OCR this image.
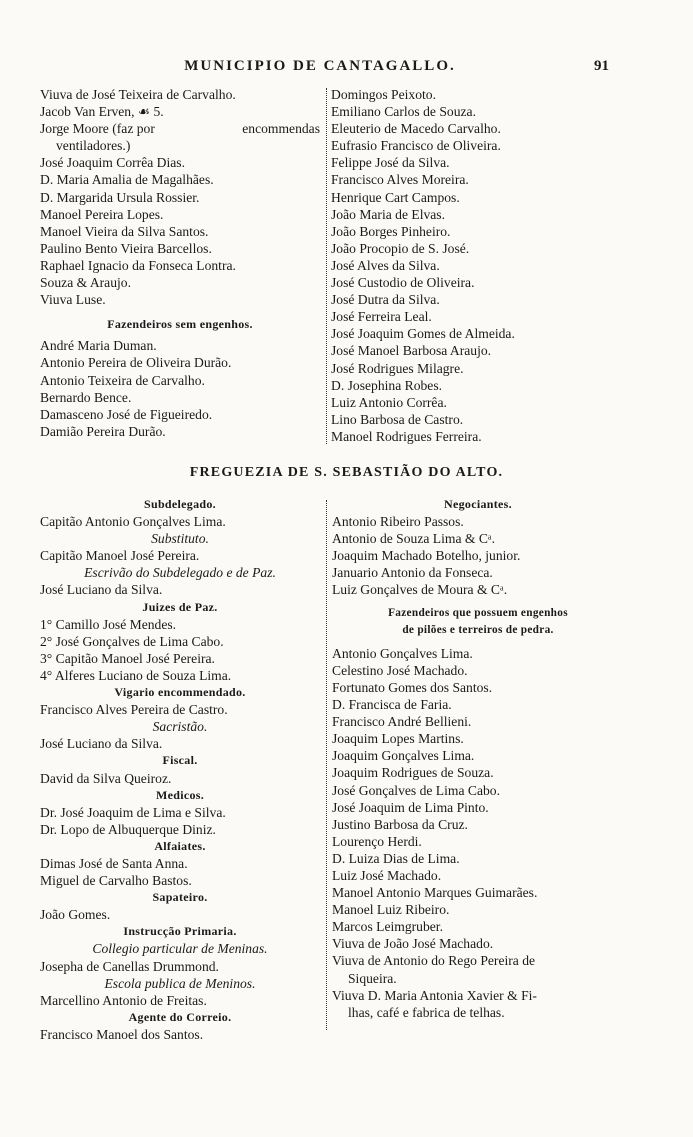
MUNICIPIO DE CANTAGALLO.	91
Viuva de José Teixeira de Carvalho.
Jacob Van Erven, ☙ 5.
Jorge Moore (faz por	encommendas
ventiladores.)
José Joaquim Corrêa Dias.
D. Maria Amalia de Magalhães.
D. Margarida Ursula Rossier.
Manoel Pereira Lopes.
Manoel Vieira da Silva Santos.
Paulino Bento Vieira Barcellos.
Raphael Ignacio da Fonseca Lontra.
Souza & Araujo.
Viuva Luse.
Fazendeiros sem engenhos.
André Maria Duman.
Antonio Pereira de Oliveira Durão.
Antonio Teixeira de Carvalho.
Bernardo Bence.
Damasceno José de Figueiredo.
Damião Pereira Durão.
Domingos Peixoto.
Emiliano Carlos de Souza.
Eleuterio de Macedo Carvalho.
Eufrasio Francisco de Oliveira.
Felippe José da Silva.
Francisco Alves Moreira.
Henrique Cart Campos.
João Maria de Elvas.
João Borges Pinheiro.
João Procopio de S. José.
José Alves da Silva.
José Custodio de Oliveira.
José Dutra da Silva.
José Ferreira Leal.
José Joaquim Gomes de Almeida.
José Manoel Barbosa Araujo.
José Rodrigues Milagre.
D. Josephina Robes.
Luiz Antonio Corrêa.
Lino Barbosa de Castro.
Manoel Rodrigues Ferreira.
FREGUEZIA DE S. SEBASTIÃO DO ALTO.
Subdelegado.
Capitão Antonio Gonçalves Lima.
Substituto.
Capitão Manoel José Pereira.
Escrivão do Subdelegado e de Paz.
José Luciano da Silva.
Juizes de Paz.
1° Camillo José Mendes.
2° José Gonçalves de Lima Cabo.
3° Capitão Manoel José Pereira.
4° Alferes Luciano de Souza Lima.
Vigario encommendado.
Francisco Alves Pereira de Castro.
Sacristão.
José Luciano da Silva.
Fiscal.
David da Silva Queiroz.
Medicos.
Dr. José Joaquim de Lima e Silva.
Dr. Lopo de Albuquerque Diniz.
Alfaiates.
Dimas José de Santa Anna.
Miguel de Carvalho Bastos.
Sapateiro.
João Gomes.
Instrucção Primaria.
Collegio particular de Meninas.
Josepha de Canellas Drummond.
Escola publica de Meninos.
Marcellino Antonio de Freitas.
Agente do Correio.
Francisco Manoel dos Santos.
Negociantes.
Antonio Ribeiro Passos.
Antonio de Souza Lima & Cᵃ.
Joaquim Machado Botelho, junior.
Januario Antonio da Fonseca.
Luiz Gonçalves de Moura & Cᵃ.
Fazendeiros que possuem engenhos
de pilões e terreiros de pedra.
Antonio Gonçalves Lima.
Celestino José Machado.
Fortunato Gomes dos Santos.
D. Francisca de Faria.
Francisco André Bellieni.
Joaquim Lopes Martins.
Joaquim Gonçalves Lima.
Joaquim Rodrigues de Souza.
José Gonçalves de Lima Cabo.
José Joaquim de Lima Pinto.
Justino Barbosa da Cruz.
Lourenço Herdi.
D. Luiza Dias de Lima.
Luiz José Machado.
Manoel Antonio Marques Guimarães.
Manoel Luiz Ribeiro.
Marcos Leimgruber.
Viuva de João José Machado.
Viuva de Antonio do Rego Pereira de
Siqueira.
Viuva D. Maria Antonia Xavier & Fi-
lhas, café e fabrica de telhas.
